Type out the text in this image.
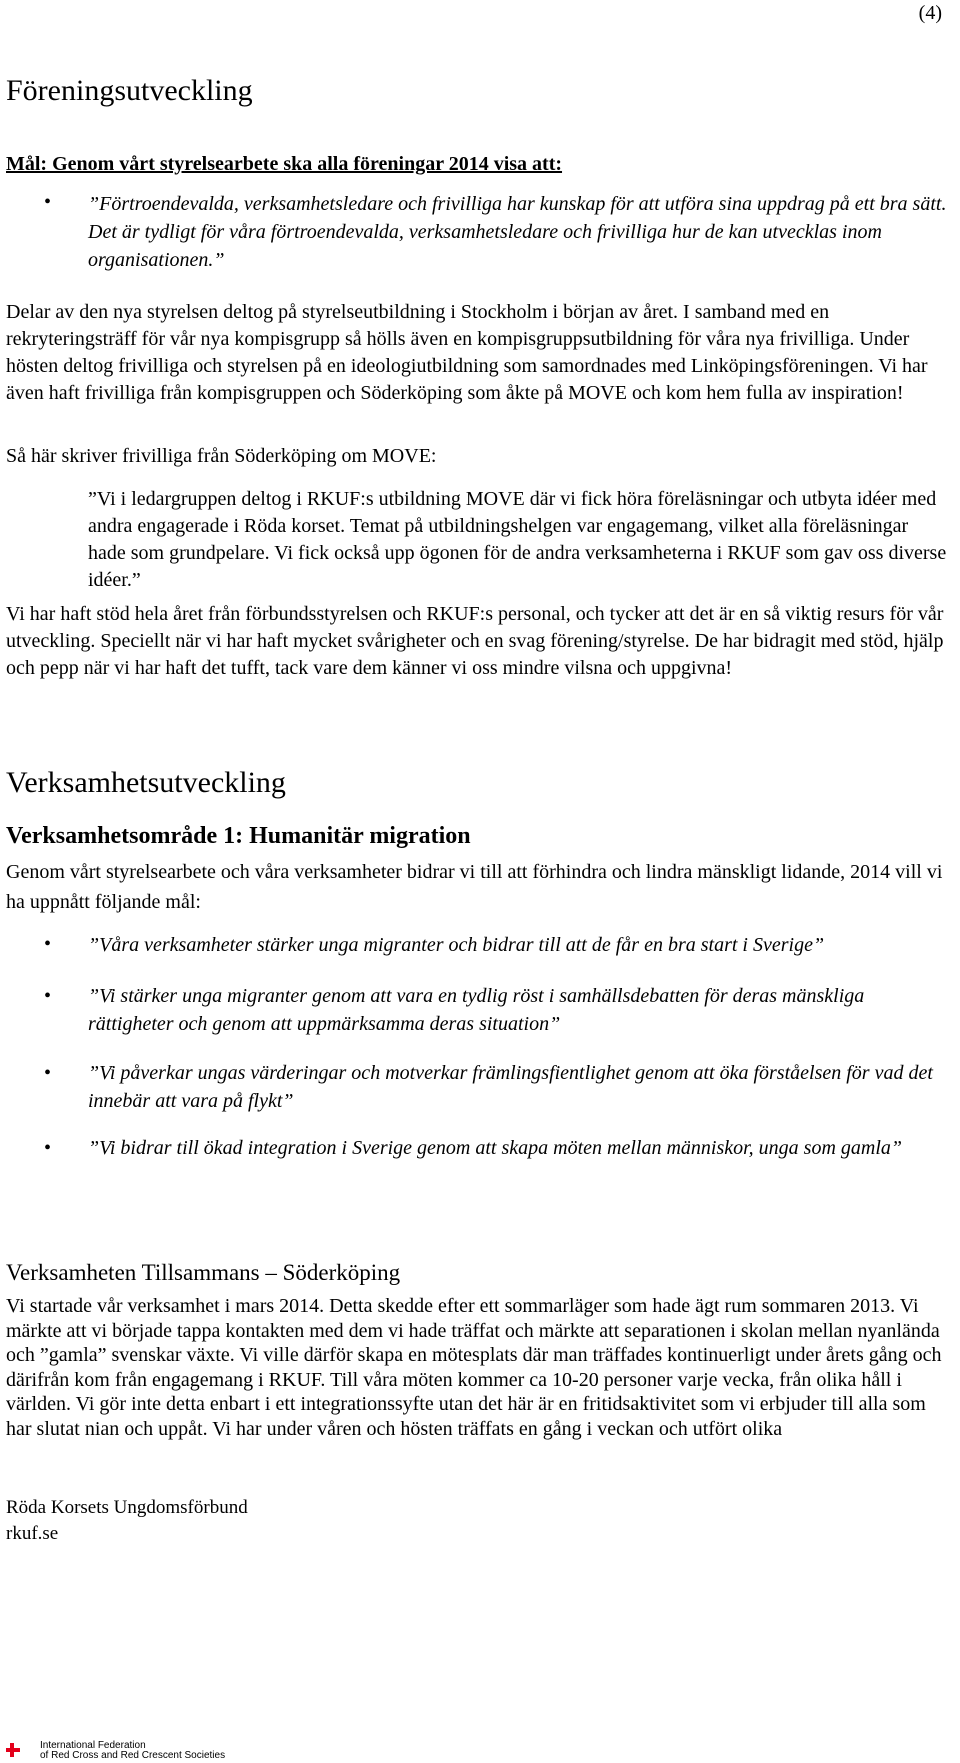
(4)
Föreningsutveckling
Mål: Genom vårt styrelsearbete ska alla föreningar 2014 visa att:
• ”Förtroendevalda, verksamhetsledare och frivilliga har kunskap för att utföra sina uppdrag på ett bra sätt. Det är tydligt för våra förtroendevalda, verksamhetsledare och frivilliga hur de kan utvecklas inom organisationen.”
Delar av den nya styrelsen deltog på styrelseutbildning i Stockholm i början av året. I samband med en rekryteringsträff för vår nya kompisgrupp så hölls även en kompisgruppsutbildning för våra nya frivilliga. Under hösten deltog frivilliga och styrelsen på en ideologiutbildning som samordnades med Linköpingsföreningen. Vi har även haft frivilliga från kompisgruppen och Söderköping som åkte på MOVE och kom hem fulla av inspiration!
Så här skriver frivilliga från Söderköping om MOVE:
”Vi i ledargruppen deltog i RKUF:s utbildning MOVE där vi fick höra föreläsningar och utbyta idéer med andra engagerade i Röda korset. Temat på utbildningshelgen var engagemang, vilket alla föreläsningar hade som grundpelare. Vi fick också upp ögonen för de andra verksamheterna i RKUF som gav oss diverse idéer.”
Vi har haft stöd hela året från förbundsstyrelsen och RKUF:s personal, och tycker att det är en så viktig resurs för vår utveckling. Speciellt när vi har haft mycket svårigheter och en svag förening/styrelse. De har bidragit med stöd, hjälp och pepp när vi har haft det tufft, tack vare dem känner vi oss mindre vilsna och uppgivna!
Verksamhetsutveckling
Verksamhetsområde 1: Humanitär migration
Genom vårt styrelsearbete och våra verksamheter bidrar vi till att förhindra och lindra mänskligt lidande, 2014 vill vi ha uppnått följande mål:
• ”Våra verksamheter stärker unga migranter och bidrar till att de får en bra start i Sverige”
• ”Vi stärker unga migranter genom att vara en tydlig röst i samhällsdebatten för deras mänskliga rättigheter och genom att uppmärksamma deras situation”
• ”Vi påverkar ungas värderingar och motverkar främlingsfientlighet genom att öka förståelsen för vad det innebär att vara på flykt”
• ”Vi bidrar till ökad integration i Sverige genom att skapa möten mellan människor, unga som gamla”
Verksamheten Tillsammans – Söderköping
Vi startade vår verksamhet i mars 2014. Detta skedde efter ett sommarläger som hade ägt rum sommaren 2013. Vi märkte att vi började tappa kontakten med dem vi hade träffat och märkte att separationen i skolan mellan nyanlända och ”gamla” svenskar växte. Vi ville därför skapa en mötesplats där man träffades kontinuerligt under årets gång och därifrån kom från engagemang i RKUF. Till våra möten kommer ca 10-20 personer varje vecka, från olika håll i världen. Vi gör inte detta enbart i ett integrationssyfte utan det här är en fritidsaktivitet som vi erbjuder till alla som har slutat nian och uppåt. Vi har under våren och hösten träffats en gång i veckan och utfört olika
Röda Korsets Ungdomsförbund
rkuf.se
International Federation
of Red Cross and Red Crescent Societies
